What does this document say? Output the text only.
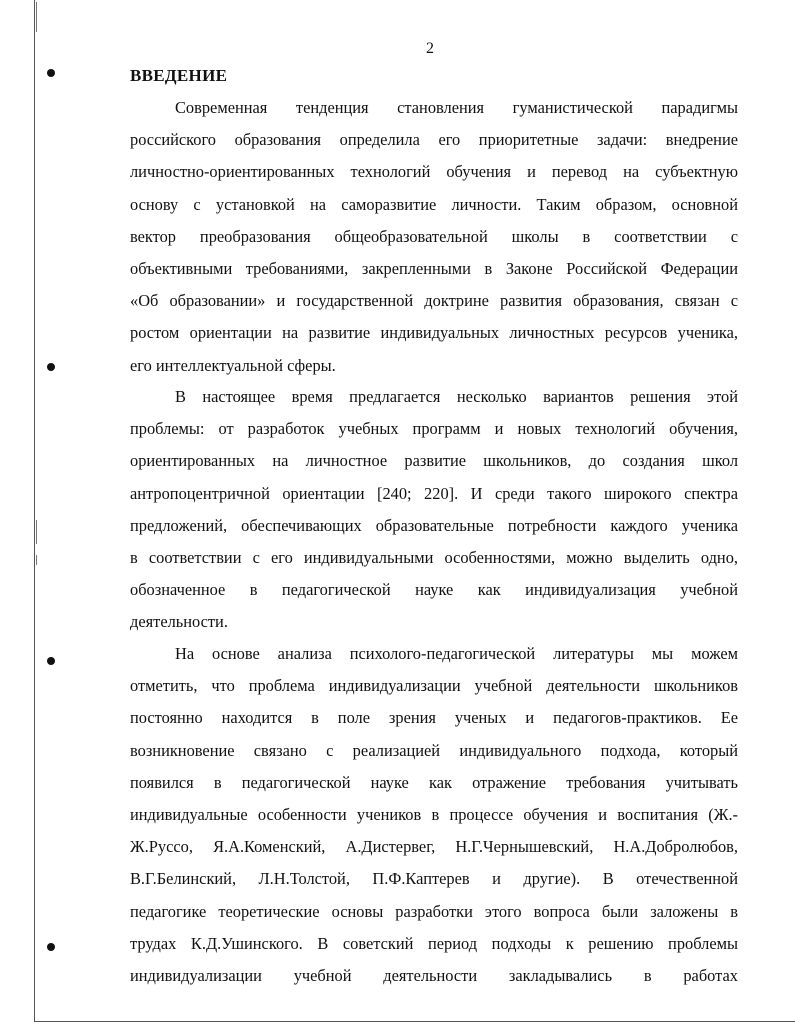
2
ВВЕДЕНИЕ
Современная тенденция становления гуманистической парадигмы
российского образования определила его приоритетные задачи: внедрение
личностно-ориентированных технологий обучения и перевод на субъектную
основу с установкой на саморазвитие личности. Таким образом, основной
вектор преобразования общеобразовательной школы в соответствии с
объективными требованиями, закрепленными в Законе Российской Федерации
«Об образовании» и государственной доктрине развития образования, связан с
ростом ориентации на развитие индивидуальных личностных ресурсов ученика,
его интеллектуальной сферы.
В настоящее время предлагается несколько вариантов решения этой
проблемы: от разработок учебных программ и новых технологий обучения,
ориентированных на личностное развитие школьников, до создания школ
антропоцентричной ориентации [240; 220]. И среди такого широкого спектра
предложений, обеспечивающих образовательные потребности каждого ученика
в соответствии с его индивидуальными особенностями, можно выделить одно,
обозначенное в педагогической науке как индивидуализация учебной
деятельности.
На основе анализа психолого-педагогической литературы мы можем
отметить, что проблема индивидуализации учебной деятельности школьников
постоянно находится в поле зрения ученых и педагогов-практиков. Ее
возникновение связано с реализацией индивидуального подхода, который
появился в педагогической науке как отражение требования учитывать
индивидуальные особенности учеников в процессе обучения и воспитания (Ж.-
Ж.Руссо, Я.А.Коменский, А.Дистервег, Н.Г.Чернышевский, Н.А.Добролюбов,
В.Г.Белинский, Л.Н.Толстой, П.Ф.Каптерев и другие). В отечественной
педагогике теоретические основы разработки этого вопроса были заложены в
трудах К.Д.Ушинского. В советский период подходы к решению проблемы
индивидуализации учебной деятельности закладывались в работах
